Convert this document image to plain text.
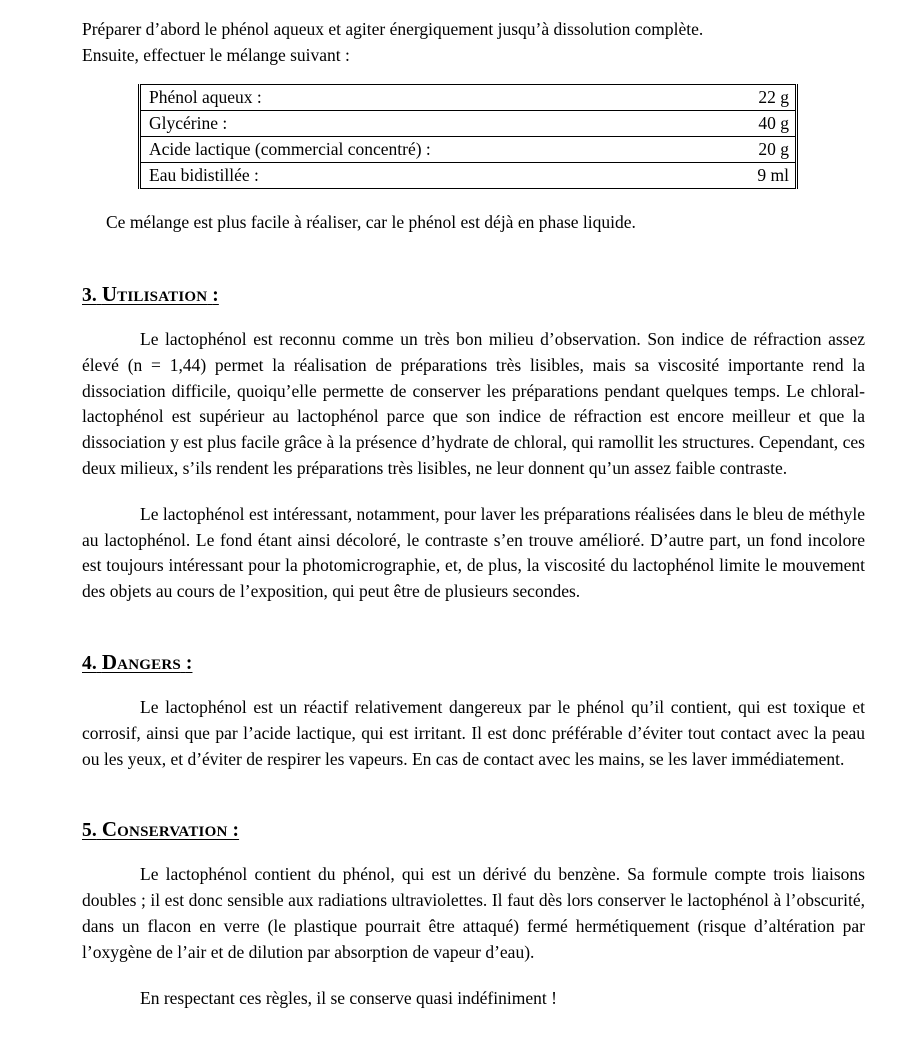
Préparer d’abord le phénol aqueux et agiter énergiquement jusqu’à dissolution complète.
Ensuite, effectuer le mélange suivant :
Phénol aqueux :	22 g
Glycérine :	40 g
Acide lactique (commercial concentré) :	20 g
Eau bidistillée :	9 ml
Ce mélange est plus facile à réaliser, car le phénol est déjà en phase liquide.
3. Utilisation :

Le lactophénol est reconnu comme un très bon milieu d’observation. Son indice de réfraction assez élevé (n = 1,44) permet la réalisation de préparations très lisibles, mais sa viscosité importante rend la dissociation difficile, quoiqu’elle permette de conserver les préparations pendant quelques temps. Le chloral-lactophénol est supérieur au lactophénol parce que son indice de réfraction est encore meilleur et que la dissociation y est plus facile grâce à la présence d’hydrate de chloral, qui ramollit les structures. Cependant, ces deux milieux, s’ils rendent les préparations très lisibles, ne leur donnent qu’un assez faible contraste.

Le lactophénol est intéressant, notamment, pour laver les préparations réalisées dans le bleu de méthyle au lactophénol. Le fond étant ainsi décoloré, le contraste s’en trouve amélioré. D’autre part, un fond incolore est toujours intéressant pour la photomicrographie, et, de plus, la viscosité du lactophénol limite le mouvement des objets au cours de l’exposition, qui peut être de plusieurs secondes.

4. Dangers :

Le lactophénol est un réactif relativement dangereux par le phénol qu’il contient, qui est toxique et corrosif, ainsi que par l’acide lactique, qui est irritant. Il est donc préférable d’éviter tout contact avec la peau ou les yeux, et d’éviter de respirer les vapeurs. En cas de contact avec les mains, se les laver immédiatement.

5. Conservation :

Le lactophénol contient du phénol, qui est un dérivé du benzène. Sa formule compte trois liaisons doubles ; il est donc sensible aux radiations ultraviolettes. Il faut dès lors conserver le lactophénol à l’obscurité, dans un flacon en verre (le plastique pourrait être attaqué) fermé hermétiquement (risque d’altération par l’oxygène de l’air et de dilution par absorption de vapeur d’eau).

En respectant ces règles, il se conserve quasi indéfiniment !
